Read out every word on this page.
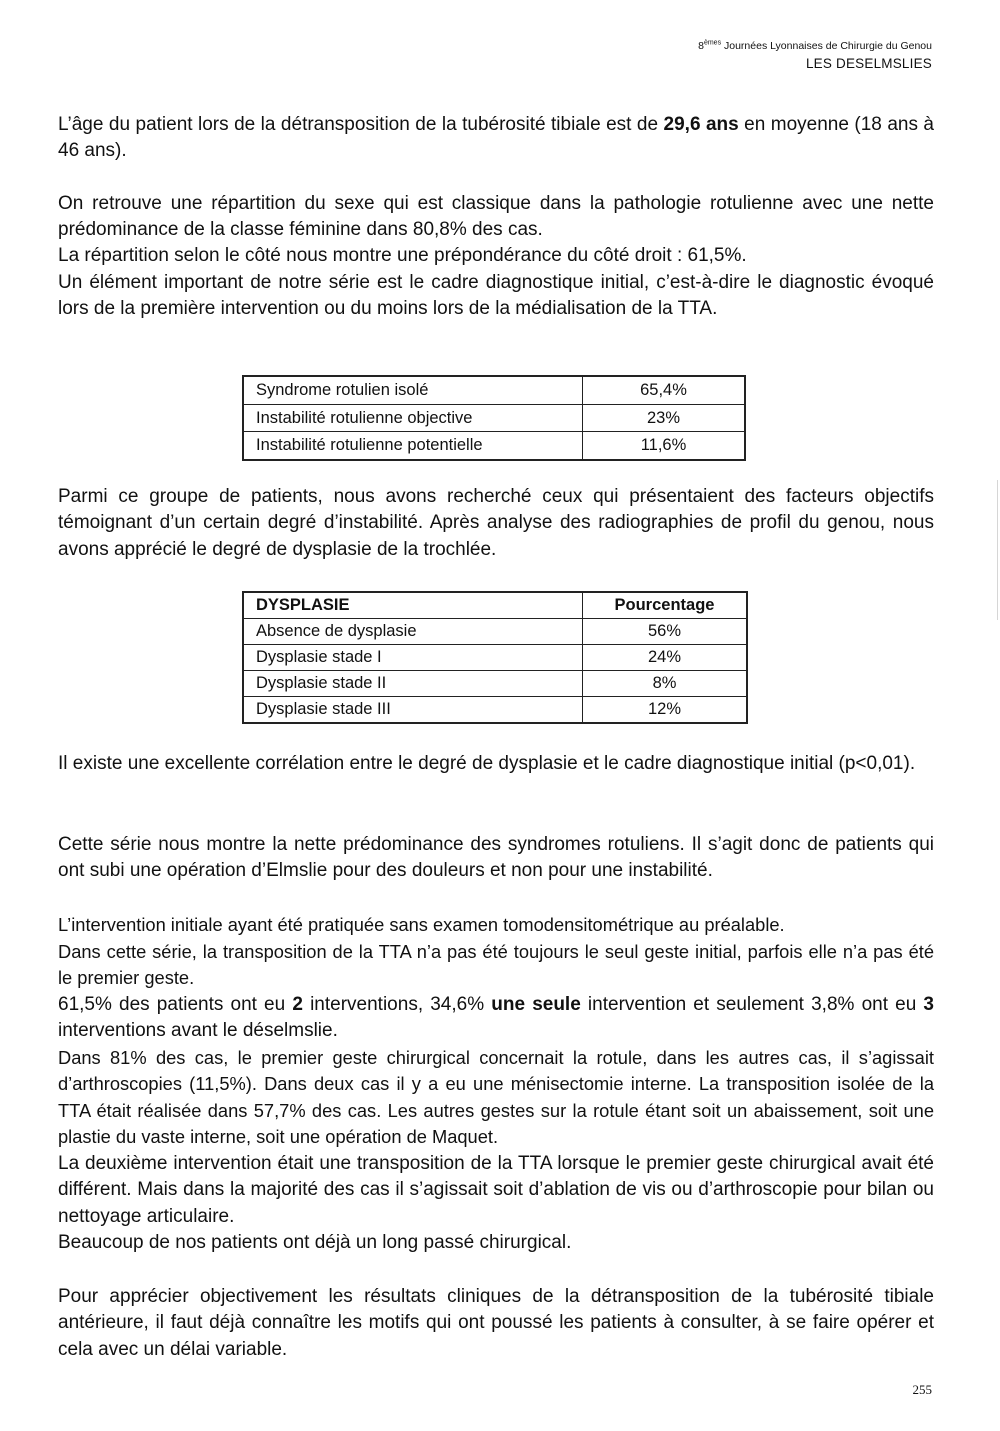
8èmes Journées Lyonnaises de Chirurgie du Genou
LES DESELMSLIES

L’âge du patient lors de la détransposition de la tubérosité tibiale est de 29,6 ans en moyenne (18 ans à 46 ans).

On retrouve une répartition du sexe qui est classique dans la pathologie rotulienne avec une nette prédominance de la classe féminine dans 80,8% des cas.

La répartition selon le côté nous montre une prépondérance du côté droit : 61,5%.

Un élément important de notre série est le cadre diagnostique initial, c’est-à-dire le diagnostic évoqué lors de la première intervention ou du moins lors de la médialisation de la TTA.

Syndrome rotulien isolé	65,4%
Instabilité rotulienne objective	23%
Instabilité rotulienne potentielle	11,6%

Parmi ce groupe de patients, nous avons recherché ceux qui présentaient des facteurs objectifs témoignant d’un certain degré d’instabilité. Après analyse des radiographies de profil du genou, nous avons apprécié le degré de dysplasie de la trochlée.

DYSPLASIE	Pourcentage
Absence de dysplasie	56%
Dysplasie stade I	24%
Dysplasie stade II	8%
Dysplasie stade III	12%

Il existe une excellente corrélation entre le degré de dysplasie et le cadre diagnostique initial (p<0,01).

Cette série nous montre la nette prédominance des syndromes rotuliens. Il s’agit donc de patients qui ont subi une opération d’Elmslie pour des douleurs et non pour une instabilité.

L’intervention initiale ayant été pratiquée sans examen tomodensitométrique au préalable.

Dans cette série, la transposition de la TTA n’a pas été toujours le seul geste initial, parfois elle n’a pas été le premier geste.

61,5% des patients ont eu 2 interventions, 34,6% une seule intervention et seulement 3,8% ont eu 3 interventions avant le déselmslie.

Dans 81% des cas, le premier geste chirurgical concernait la rotule, dans les autres cas, il s’agissait d’arthroscopies (11,5%). Dans deux cas il y a eu une ménisectomie interne. La transposition isolée de la TTA était réalisée dans 57,7% des cas. Les autres gestes sur la rotule étant soit un abaissement, soit une plastie du vaste interne, soit une opération de Maquet.

La deuxième intervention était une transposition de la TTA lorsque le premier geste chirurgical avait été différent. Mais dans la majorité des cas il s’agissait soit d’ablation de vis ou d’arthroscopie pour bilan ou nettoyage articulaire.

Beaucoup de nos patients ont déjà un long passé chirurgical.

Pour apprécier objectivement les résultats cliniques de la détransposition de la tubérosité tibiale antérieure, il faut déjà connaître les motifs qui ont poussé les patients à consulter, à se faire opérer et cela avec un délai variable.

255
